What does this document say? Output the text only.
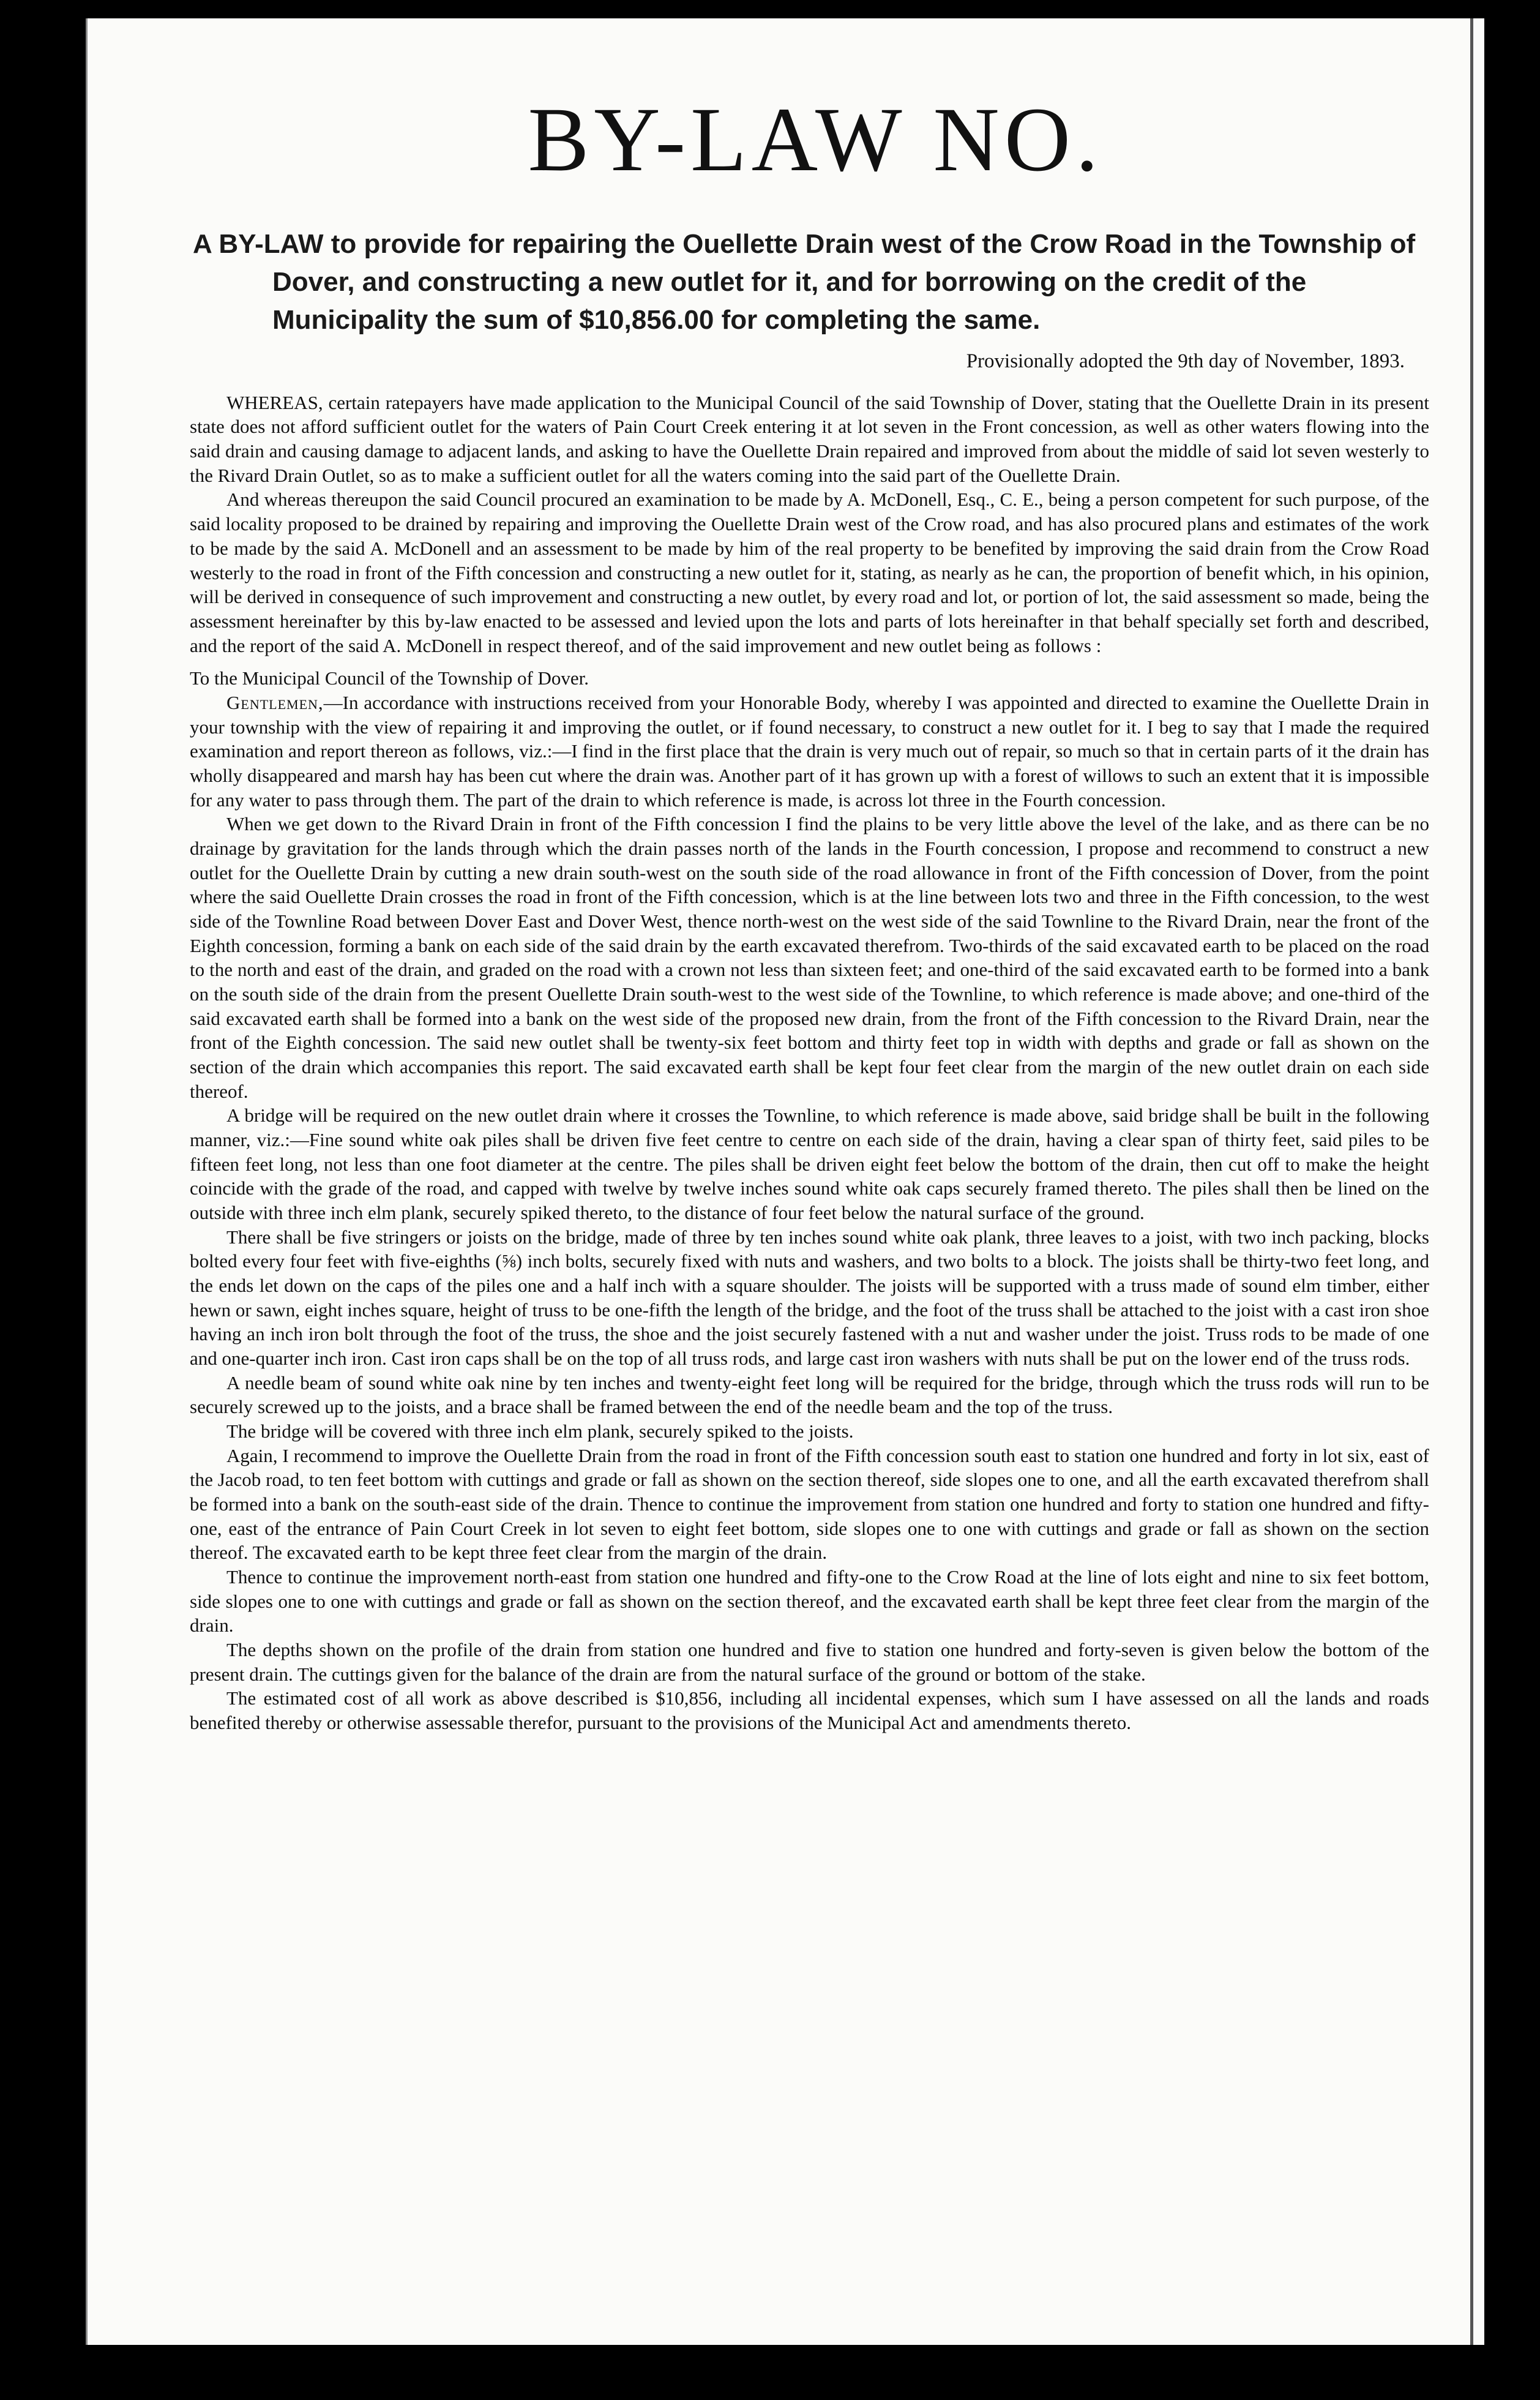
BY-LAW NO.

A BY-LAW to provide for repairing the Ouellette Drain west of the Crow Road in the Township of Dover, and constructing a new outlet for it, and for borrowing on the credit of the Municipality the sum of $10,856.00 for completing the same.

Provisionally adopted the 9th day of November, 1893.

WHEREAS, certain ratepayers have made application to the Municipal Council of the said Township of Dover, stating that the Ouellette Drain in its present state does not afford sufficient outlet for the waters of Pain Court Creek entering it at lot seven in the Front concession, as well as other waters flowing into the said drain and causing damage to adjacent lands, and asking to have the Ouellette Drain repaired and improved from about the middle of said lot seven westerly to the Rivard Drain Outlet, so as to make a sufficient outlet for all the waters coming into the said part of the Ouellette Drain.

And whereas thereupon the said Council procured an examination to be made by A. McDonell, Esq., C. E., being a person competent for such purpose, of the said locality proposed to be drained by repairing and improving the Ouellette Drain west of the Crow road, and has also procured plans and estimates of the work to be made by the said A. McDonell and an assessment to be made by him of the real property to be benefited by improving the said drain from the Crow Road westerly to the road in front of the Fifth concession and constructing a new outlet for it, stating, as nearly as he can, the proportion of benefit which, in his opinion, will be derived in consequence of such improvement and constructing a new outlet, by every road and lot, or portion of lot, the said assessment so made, being the assessment hereinafter by this by-law enacted to be assessed and levied upon the lots and parts of lots hereinafter in that behalf specially set forth and described, and the report of the said A. McDonell in respect thereof, and of the said improvement and new outlet being as follows :

To the Municipal Council of the Township of Dover.

Gentlemen,—In accordance with instructions received from your Honorable Body, whereby I was appointed and directed to examine the Ouellette Drain in your township with the view of repairing it and improving the outlet, or if found necessary, to construct a new outlet for it. I beg to say that I made the required examination and report thereon as follows, viz.:—I find in the first place that the drain is very much out of repair, so much so that in certain parts of it the drain has wholly disappeared and marsh hay has been cut where the drain was. Another part of it has grown up with a forest of willows to such an extent that it is impossible for any water to pass through them. The part of the drain to which reference is made, is across lot three in the Fourth concession.

When we get down to the Rivard Drain in front of the Fifth concession I find the plains to be very little above the level of the lake, and as there can be no drainage by gravitation for the lands through which the drain passes north of the lands in the Fourth concession, I propose and recommend to construct a new outlet for the Ouellette Drain by cutting a new drain south-west on the south side of the road allowance in front of the Fifth concession of Dover, from the point where the said Ouellette Drain crosses the road in front of the Fifth concession, which is at the line between lots two and three in the Fifth concession, to the west side of the Townline Road between Dover East and Dover West, thence north-west on the west side of the said Townline to the Rivard Drain, near the front of the Eighth concession, forming a bank on each side of the said drain by the earth excavated therefrom. Two-thirds of the said excavated earth to be placed on the road to the north and east of the drain, and graded on the road with a crown not less than sixteen feet; and one-third of the said excavated earth to be formed into a bank on the south side of the drain from the present Ouellette Drain south-west to the west side of the Townline, to which reference is made above; and one-third of the said excavated earth shall be formed into a bank on the west side of the proposed new drain, from the front of the Fifth concession to the Rivard Drain, near the front of the Eighth concession. The said new outlet shall be twenty-six feet bottom and thirty feet top in width with depths and grade or fall as shown on the section of the drain which accompanies this report. The said excavated earth shall be kept four feet clear from the margin of the new outlet drain on each side thereof.

A bridge will be required on the new outlet drain where it crosses the Townline, to which reference is made above, said bridge shall be built in the following manner, viz.:—Fine sound white oak piles shall be driven five feet centre to centre on each side of the drain, having a clear span of thirty feet, said piles to be fifteen feet long, not less than one foot diameter at the centre. The piles shall be driven eight feet below the bottom of the drain, then cut off to make the height coincide with the grade of the road, and capped with twelve by twelve inches sound white oak caps securely framed thereto. The piles shall then be lined on the outside with three inch elm plank, securely spiked thereto, to the distance of four feet below the natural surface of the ground.

There shall be five stringers or joists on the bridge, made of three by ten inches sound white oak plank, three leaves to a joist, with two inch packing, blocks bolted every four feet with five-eighths (⅝) inch bolts, securely fixed with nuts and washers, and two bolts to a block. The joists shall be thirty-two feet long, and the ends let down on the caps of the piles one and a half inch with a square shoulder. The joists will be supported with a truss made of sound elm timber, either hewn or sawn, eight inches square, height of truss to be one-fifth the length of the bridge, and the foot of the truss shall be attached to the joist with a cast iron shoe having an inch iron bolt through the foot of the truss, the shoe and the joist securely fastened with a nut and washer under the joist. Truss rods to be made of one and one-quarter inch iron. Cast iron caps shall be on the top of all truss rods, and large cast iron washers with nuts shall be put on the lower end of the truss rods.

A needle beam of sound white oak nine by ten inches and twenty-eight feet long will be required for the bridge, through which the truss rods will run to be securely screwed up to the joists, and a brace shall be framed between the end of the needle beam and the top of the truss.

The bridge will be covered with three inch elm plank, securely spiked to the joists.

Again, I recommend to improve the Ouellette Drain from the road in front of the Fifth concession south east to station one hundred and forty in lot six, east of the Jacob road, to ten feet bottom with cuttings and grade or fall as shown on the section thereof, side slopes one to one, and all the earth excavated therefrom shall be formed into a bank on the south-east side of the drain. Thence to continue the improvement from station one hundred and forty to station one hundred and fifty-one, east of the entrance of Pain Court Creek in lot seven to eight feet bottom, side slopes one to one with cuttings and grade or fall as shown on the section thereof. The excavated earth to be kept three feet clear from the margin of the drain.

Thence to continue the improvement north-east from station one hundred and fifty-one to the Crow Road at the line of lots eight and nine to six feet bottom, side slopes one to one with cuttings and grade or fall as shown on the section thereof, and the excavated earth shall be kept three feet clear from the margin of the drain.

The depths shown on the profile of the drain from station one hundred and five to station one hundred and forty-seven is given below the bottom of the present drain. The cuttings given for the balance of the drain are from the natural surface of the ground or bottom of the stake.

The estimated cost of all work as above described is $10,856, including all incidental expenses, which sum I have assessed on all the lands and roads benefited thereby or otherwise assessable therefor, pursuant to the provisions of the Municipal Act and amendments thereto.
